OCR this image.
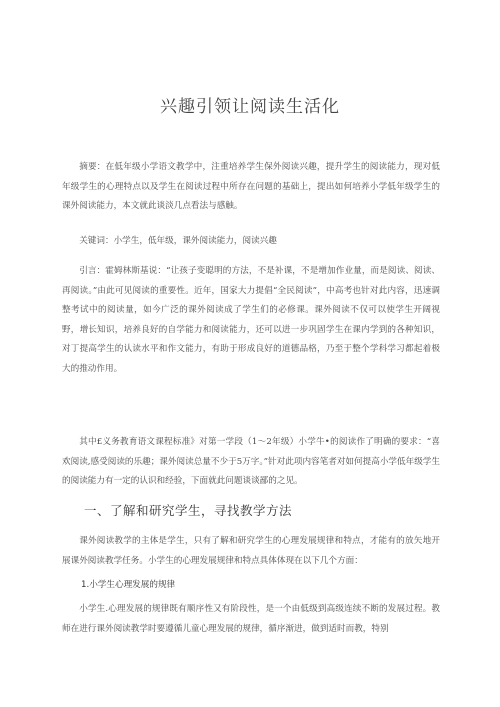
兴趣引领让阅读生活化

摘要：在低年级小学语文教学中，注重培养学生保外阅读兴趣，提升学生的阅读能力，现对低年级学生的心理特点以及学生在阅读过程中所存在问题的基础上，提出如何培养小学低年级学生的课外阅读能力，本文就此谈淡几点看法与感触。

关键词：小学生，低年级，课外阅读能力，阅读兴趣

引言：霍姆林斯基说：“让孩子变聪明的方法，不是补课，不是增加作业量，而是阅读、阅读、再阅读。”由此可见阅读的重要性。近年，国家大力提倡“全民阅读”，中高考也针对此内容，迅速调整考试中的阅读量，如今广泛的课外阅读成了学生们的必修课。课外阅读不仅可以使学生开阔视野，增长知识，培养良好的自学能力和阅读能力，还可以进一步巩固学生在课内学到的各种知识，对丁提高学生的认读水平和作文能力，有助于形成良好的道德品格，乃至于整个学科学习都起着极大的推动作用。

其中£义务教育语文课程标准》对第一学段（1～2年级）小学牛•的阅读作了明确的要求：“喜欢阅读,感受阅读的乐趣；课外阅读总量不少于5万字。”针对此项内容笔者对如何提高小学低年级学生的阅读能力有一定的认识和经验，下面就此问题谈谈鄙的之见。

一、了解和研究学生，寻找教学方法

课外阅读教学的主体是学生，只有了解和研究学生的心理发展规律和特点，才能有的放矢地开展课外阅读教学任务。小学生的心理发展规律和特点具体体现在以下几个方面：

1.小学生心理发展的规律

小学生.心理发展的规律既有顺序性又有阶段性，是一个由低级到高级连续不断的发展过程。教师在进行课外阅读教学时要遵循儿童心理发展的规律，循序渐进，做到适时而教，特别
